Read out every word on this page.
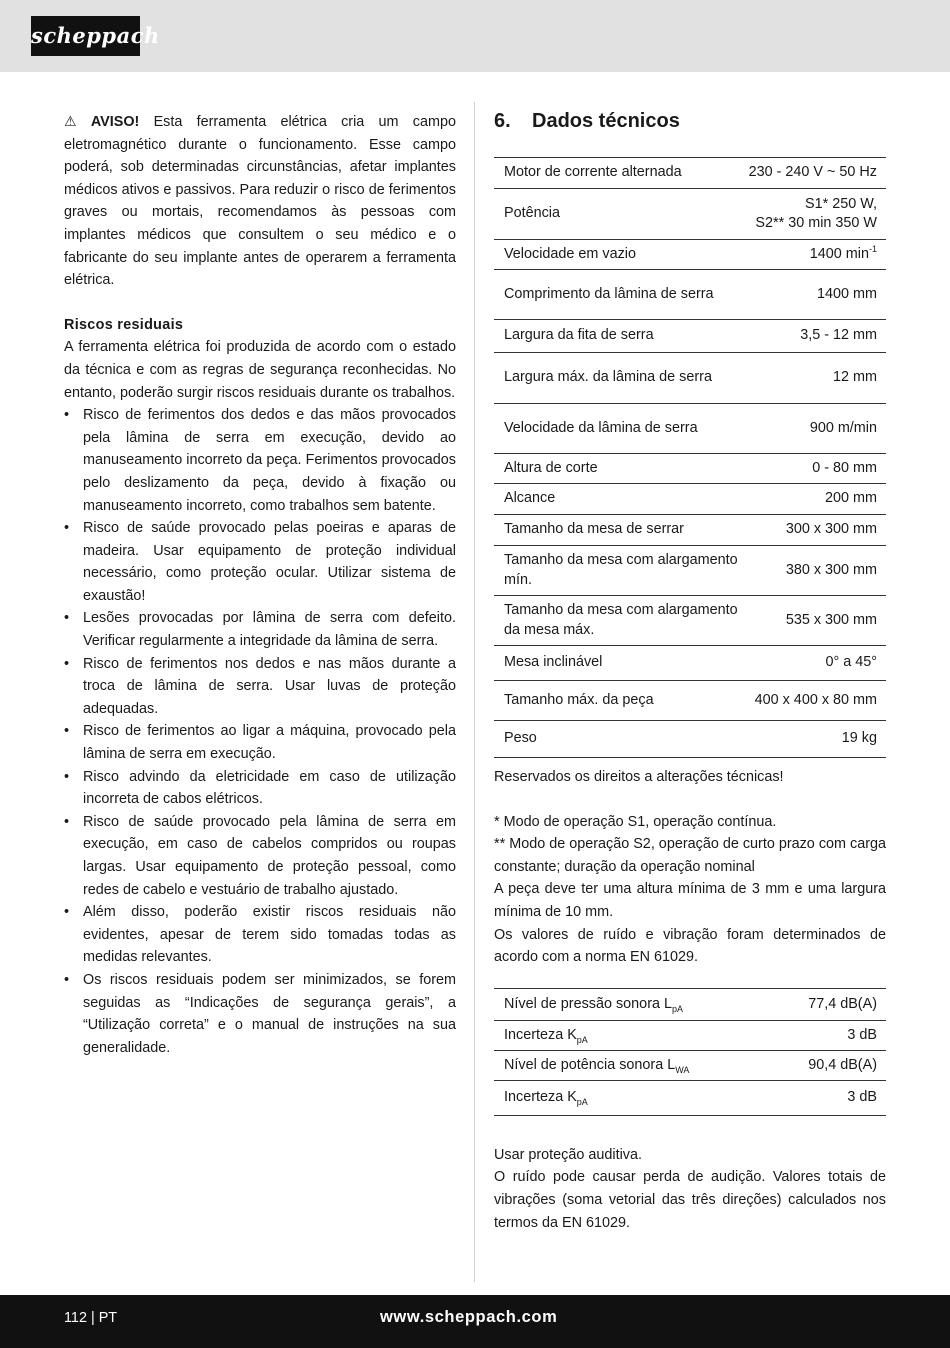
scheppach

⚠ AVISO! Esta ferramenta elétrica cria um campo eletromagnético durante o funcionamento. Esse campo poderá, sob determinadas circunstâncias, afetar implantes médicos ativos e passivos. Para reduzir o risco de ferimentos graves ou mortais, recomendamos às pessoas com implantes médicos que consultem o seu médico e o fabricante do seu implante antes de operarem a ferramenta elétrica.

Riscos residuais

A ferramenta elétrica foi produzida de acordo com o estado da técnica e com as regras de segurança reconhecidas. No entanto, poderão surgir riscos residuais durante os trabalhos.

• Risco de ferimentos dos dedos e das mãos provocados pela lâmina de serra em execução, devido ao manuseamento incorreto da peça. Ferimentos provocados pelo deslizamento da peça, devido à fixação ou manuseamento incorreto, como trabalhos sem batente.
• Risco de saúde provocado pelas poeiras e aparas de madeira. Usar equipamento de proteção individual necessário, como proteção ocular. Utilizar sistema de exaustão!
• Lesões provocadas por lâmina de serra com defeito. Verificar regularmente a integridade da lâmina de serra.
• Risco de ferimentos nos dedos e nas mãos durante a troca de lâmina de serra. Usar luvas de proteção adequadas.
• Risco de ferimentos ao ligar a máquina, provocado pela lâmina de serra em execução.
• Risco advindo da eletricidade em caso de utilização incorreta de cabos elétricos.
• Risco de saúde provocado pela lâmina de serra em execução, em caso de cabelos compridos ou roupas largas. Usar equipamento de proteção pessoal, como redes de cabelo e vestuário de trabalho ajustado.
• Além disso, poderão existir riscos residuais não evidentes, apesar de terem sido tomadas todas as medidas relevantes.
• Os riscos residuais podem ser minimizados, se forem seguidas as “Indicações de segurança gerais”, a “Utilização correta” e o manual de instruções na sua generalidade.
6. Dados técnicos
Motor de corrente alternada	230 - 240 V ~ 50 Hz
Potência	S1* 250 W,
S2** 30 min 350 W
Velocidade em vazio	1400 $\min^{-1}$
Comprimento da lâmina de serra	1400 mm
Largura da fita de serra	3,5 - 12 mm
Largura máx. da lâmina de serra	12 mm
Velocidade da lâmina de serra	900 m/min
Altura de corte	0 - 80 mm
Alcance	200 mm
Tamanho da mesa de serrar	300 x 300 mm
Tamanho da mesa com alargamento mín.	380 x 300 mm
Tamanho da mesa com alargamento da mesa máx.	535 x 300 mm
Mesa inclinável	0° a 45°
Tamanho máx. da peça	400 x 400 x 80 mm
Peso	19 kg

Reservados os direitos a alterações técnicas!

* Modo de operação S1, operação contínua.

** Modo de operação S2, operação de curto prazo com carga constante; duração da operação nominal

A peça deve ter uma altura mínima de 3 mm e uma largura mínima de 10 mm.

Os valores de ruído e vibração foram determinados de acordo com a norma EN 61029.

Nível de pressão sonora $L_{pA}$	77,4 dB(A)
Incerteza $K_{pA}$	3 dB
Nível de potência sonora $L_{WA}$	90,4 dB(A)
Incerteza $K_{pA}$	3 dB

Usar proteção auditiva.

O ruído pode causar perda de audição. Valores totais de vibrações (soma vetorial das três direções) calculados nos termos da EN 61029.

112 | PT	www.scheppach.com
